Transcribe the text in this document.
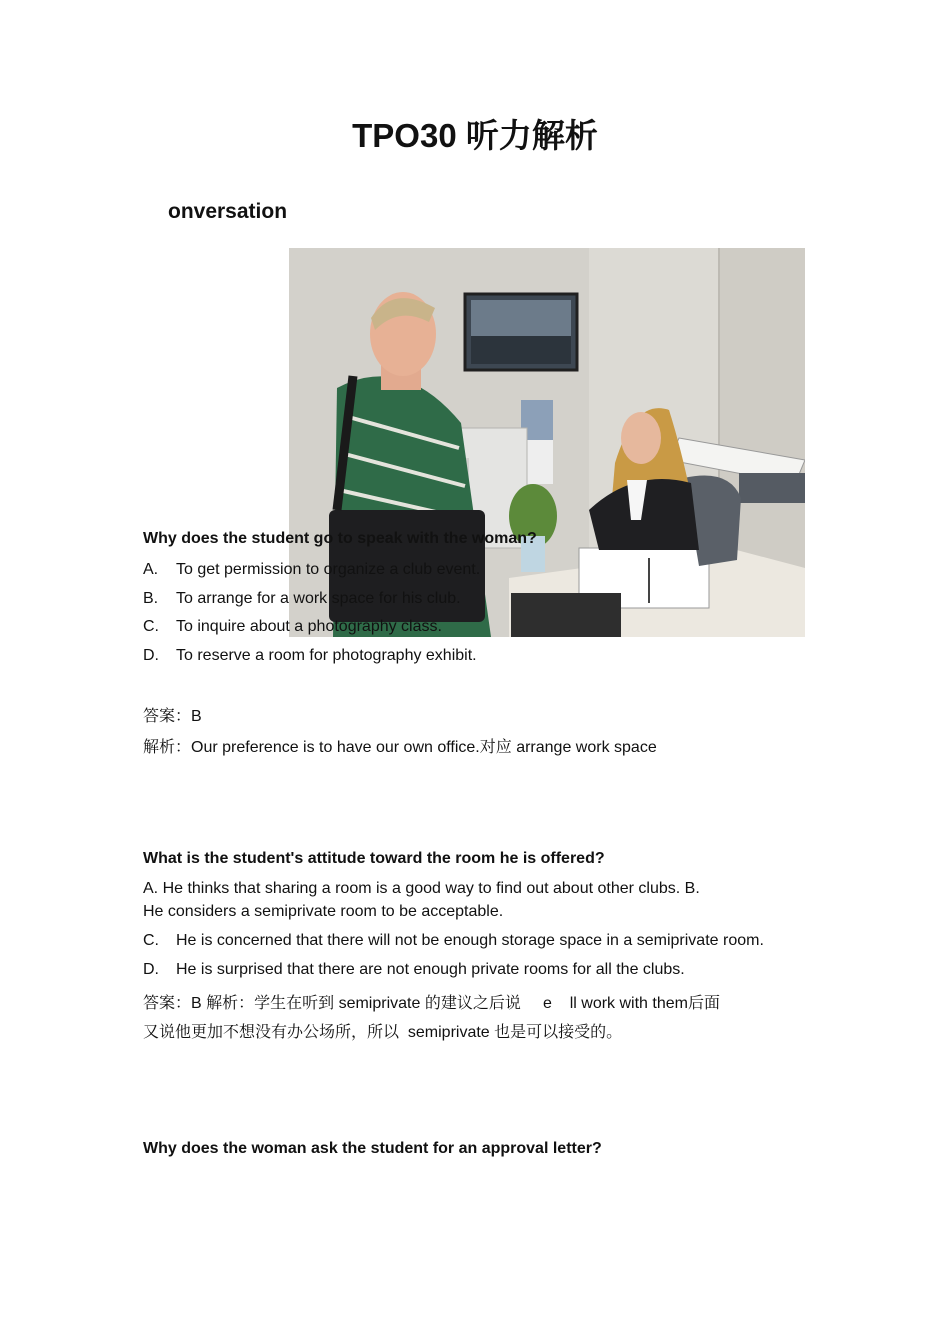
TPO30 听力解析
onversation
Why does the student go to speak with the woman?
A. To get permission to organize a club event.
B. To arrange for a work space for his club.
C. To inquire about a photography class.
D. To reserve a room for photography exhibit.
答案：B
解析：Our preference is to have our own office.对应 arrange work space
What is the student's attitude toward the room he is offered?
A. He thinks that sharing a room is a good way to find out about other clubs. B.
He considers a semiprivate room to be acceptable.
C. He is concerned that there will not be enough storage space in a semiprivate room.
D. He is surprised that there are not enough private rooms for all the clubs.
答案：B 解析：学生在听到 semiprivate 的建议之后说     e    ll work with them后面
又说他更加不想没有办公场所，所以  semiprivate 也是可以接受的。
Why does the woman ask the student for an approval letter?
